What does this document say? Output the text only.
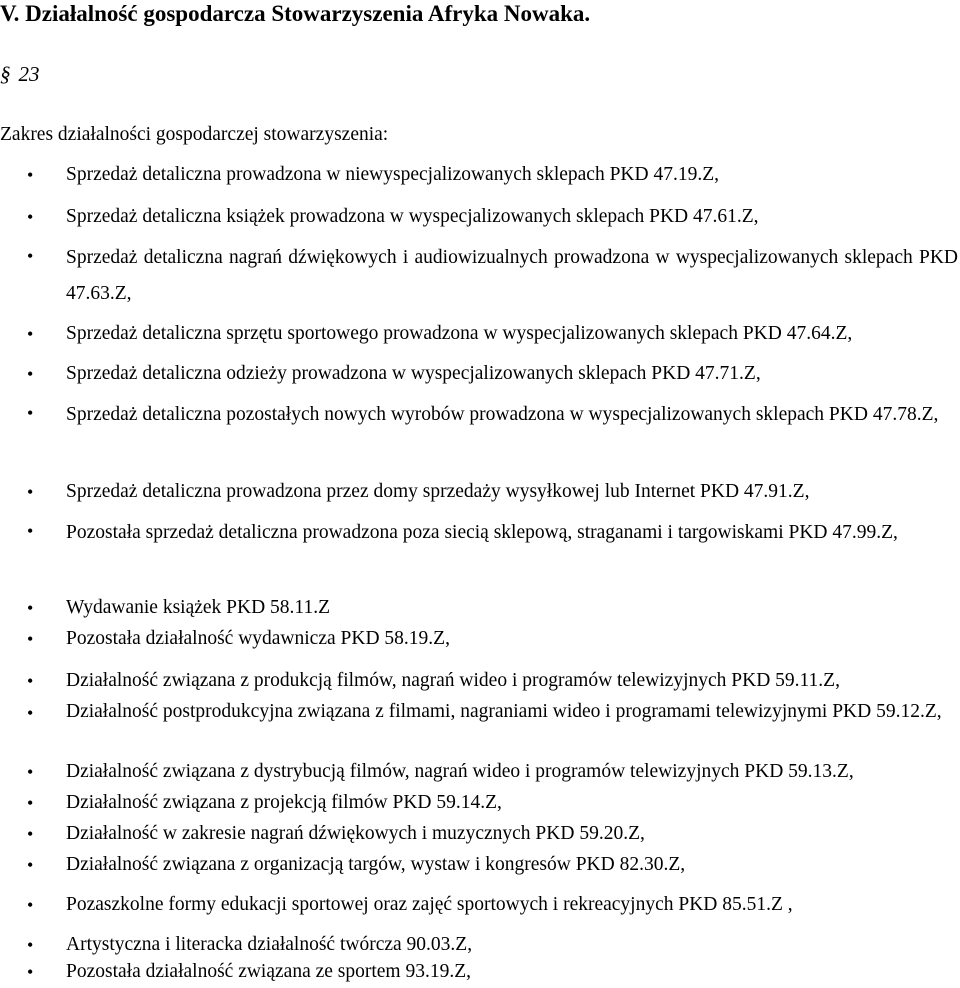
V. Działalność gospodarcza Stowarzyszenia Afryka Nowaka.
§ 23
Zakres działalności gospodarczej stowarzyszenia:
• Sprzedaż detaliczna prowadzona w niewyspecjalizowanych sklepach PKD 47.19.Z,
• Sprzedaż detaliczna książek prowadzona w wyspecjalizowanych sklepach PKD 47.61.Z,
• Sprzedaż detaliczna nagrań dźwiękowych i audiowizualnych prowadzona w wyspecjalizowanych sklepach PKD 47.63.Z,
• Sprzedaż detaliczna sprzętu sportowego prowadzona w wyspecjalizowanych sklepach PKD 47.64.Z,
• Sprzedaż detaliczna odzieży prowadzona w wyspecjalizowanych sklepach PKD 47.71.Z,
• Sprzedaż detaliczna pozostałych nowych wyrobów prowadzona w wyspecjalizowanych sklepach PKD 47.78.Z,
• Sprzedaż detaliczna prowadzona przez domy sprzedaży wysyłkowej lub Internet PKD 47.91.Z,
• Pozostała sprzedaż detaliczna prowadzona poza siecią sklepową, straganami i targowiskami PKD 47.99.Z,
• Wydawanie książek PKD 58.11.Z
• Pozostała działalność wydawnicza PKD 58.19.Z,
• Działalność związana z produkcją filmów, nagrań wideo i programów telewizyjnych PKD 59.11.Z,
• Działalność postprodukcyjna związana z filmami, nagraniami wideo i programami telewizyjnymi PKD 59.12.Z,
• Działalność związana z dystrybucją filmów, nagrań wideo i programów telewizyjnych PKD 59.13.Z,
• Działalność związana z projekcją filmów PKD 59.14.Z,
• Działalność w zakresie nagrań dźwiękowych i muzycznych PKD 59.20.Z,
• Działalność związana z organizacją targów, wystaw i kongresów PKD 82.30.Z,
• Pozaszkolne formy edukacji sportowej oraz zajęć sportowych i rekreacyjnych PKD 85.51.Z ,
• Artystyczna i literacka działalność twórcza 90.03.Z,
• Pozostała działalność związana ze sportem 93.19.Z,
